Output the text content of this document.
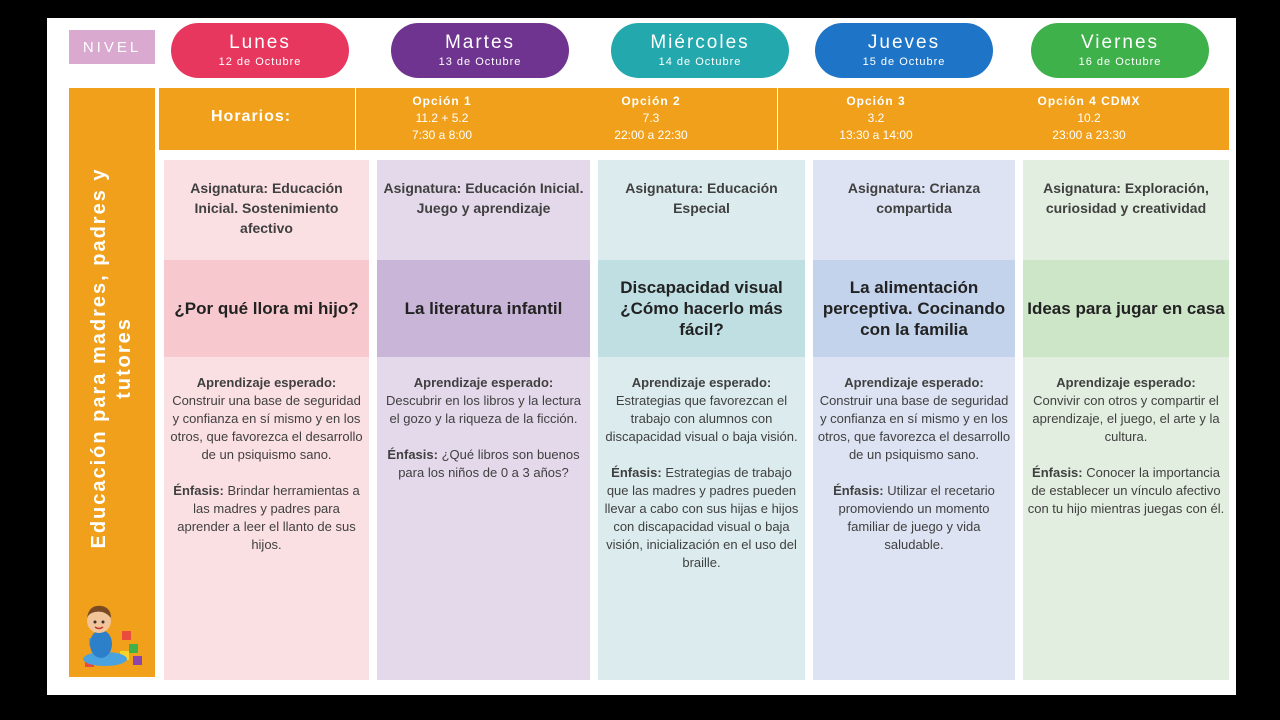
NIVEL	Lunes
12 de Octubre
Martes
13 de Octubre
Miércoles
14 de Octubre
Jueves
15 de Octubre
Viernes
16 de Octubre
Educación para madres, padres y tutores
Horarios:
Opción 1
11.2 + 5.2
7:30 a 8:00
Opción 2
7.3
22:00 a 22:30
Opción 3
3.2
13:30 a 14:00
Opción 4 CDMX
10.2
23:00 a 23:30
Asignatura: Educación Inicial. Sostenimiento afectivo
¿Por qué llora mi hijo?
Aprendizaje esperado:
Construir una base de seguridad y confianza en sí mismo y en los otros, que favorezca el desarrollo de un psiquismo sano.
Énfasis: Brindar herramientas a las madres y padres para aprender a leer el llanto de sus hijos.
Asignatura: Educación Inicial. Juego y aprendizaje
La literatura infantil
Aprendizaje esperado:
Descubrir en los libros y la lectura el gozo y la riqueza de la ficción.
Énfasis: ¿Qué libros son buenos para los niños de 0 a 3 años?
Asignatura: Educación Especial
Discapacidad visual ¿Cómo hacerlo más fácil?
Aprendizaje esperado:
Estrategias que favorezcan el trabajo con alumnos con discapacidad visual o baja visión.
Énfasis: Estrategias de trabajo que las madres y padres pueden llevar a cabo con sus hijas e hijos con discapacidad visual o baja visión, inicialización en el uso del braille.
Asignatura: Crianza compartida
La alimentación perceptiva. Cocinando con la familia
Aprendizaje esperado:
Construir una base de seguridad y confianza en sí mismo y en los otros, que favorezca el desarrollo de un psiquismo sano.
Énfasis: Utilizar el recetario promoviendo un momento familiar de juego y vida saludable.
Asignatura: Exploración, curiosidad y creatividad
Ideas para jugar en casa
Aprendizaje esperado:
Convivir con otros y compartir el aprendizaje, el juego, el arte y la cultura.
Énfasis: Conocer la importancia de establecer un vínculo afectivo con tu hijo mientras juegas con él.
